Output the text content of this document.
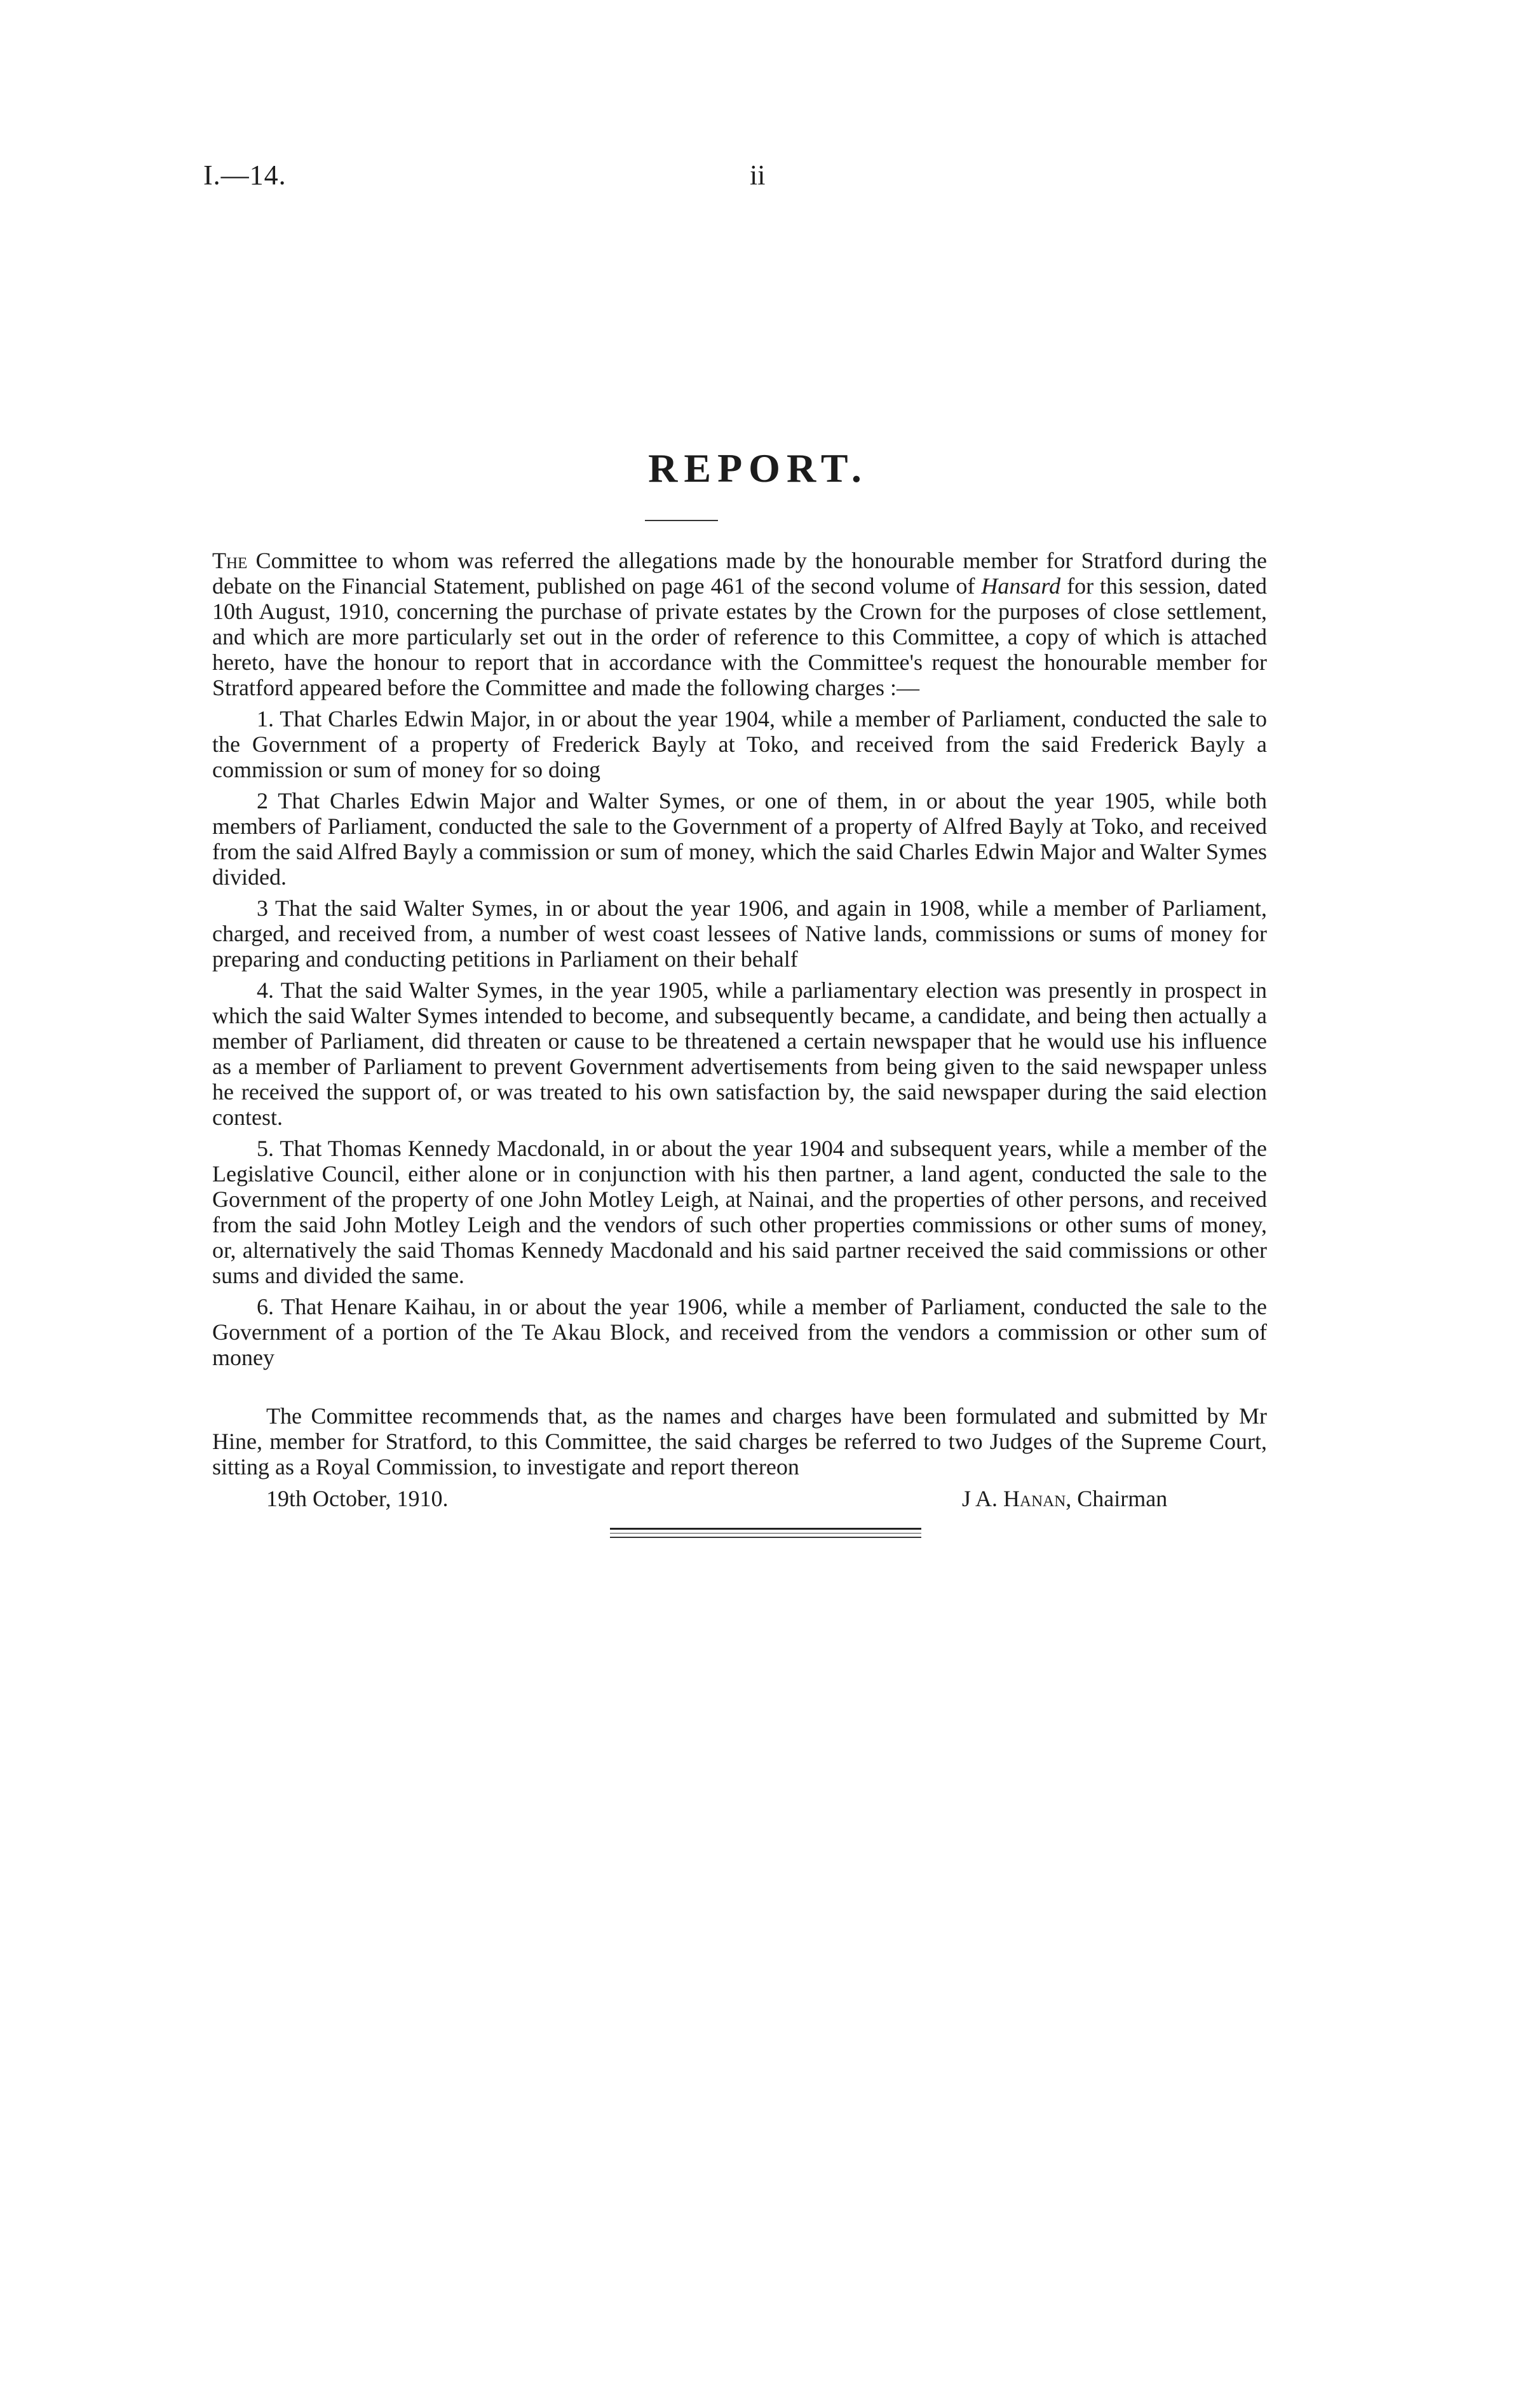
I.—14.	ii
REPORT.

The Committee to whom was referred the allegations made by the honourable member for Stratford during the debate on the Financial Statement, published on page 461 of the second volume of Hansard for this session, dated 10th August, 1910, concerning the purchase of private estates by the Crown for the purposes of close settlement, and which are more particularly set out in the order of reference to this Committee, a copy of which is attached hereto, have the honour to report that in accordance with the Committee's request the honourable member for Stratford appeared before the Committee and made the following charges :—

1. That Charles Edwin Major, in or about the year 1904, while a member of Parliament, conducted the sale to the Government of a property of Frederick Bayly at Toko, and received from the said Frederick Bayly a commission or sum of money for so doing

2 That Charles Edwin Major and Walter Symes, or one of them, in or about the year 1905, while both members of Parliament, conducted the sale to the Government of a property of Alfred Bayly at Toko, and received from the said Alfred Bayly a commission or sum of money, which the said Charles Edwin Major and Walter Symes divided.

3 That the said Walter Symes, in or about the year 1906, and again in 1908, while a member of Parliament, charged, and received from, a number of west coast lessees of Native lands, commissions or sums of money for preparing and conducting petitions in Parliament on their behalf

4. That the said Walter Symes, in the year 1905, while a parliamentary election was presently in prospect in which the said Walter Symes intended to become, and subsequently became, a candidate, and being then actually a member of Parliament, did threaten or cause to be threatened a certain newspaper that he would use his influence as a member of Parliament to prevent Government advertisements from being given to the said newspaper unless he received the support of, or was treated to his own satisfaction by, the said newspaper during the said election contest.

5. That Thomas Kennedy Macdonald, in or about the year 1904 and subsequent years, while a member of the Legislative Council, either alone or in conjunction with his then partner, a land agent, conducted the sale to the Government of the property of one John Motley Leigh, at Nainai, and the properties of other persons, and received from the said John Motley Leigh and the vendors of such other properties commissions or other sums of money, or, alternatively the said Thomas Kennedy Macdonald and his said partner received the said commissions or other sums and divided the same.

6. That Henare Kaihau, in or about the year 1906, while a member of Parliament, conducted the sale to the Government of a portion of the Te Akau Block, and received from the vendors a commission or other sum of money

The Committee recommends that, as the names and charges have been formulated and submitted by Mr Hine, member for Stratford, to this Committee, the said charges be referred to two Judges of the Supreme Court, sitting as a Royal Commission, to investigate and report thereon

19th October, 1910.	J A. Hanan, Chairman
